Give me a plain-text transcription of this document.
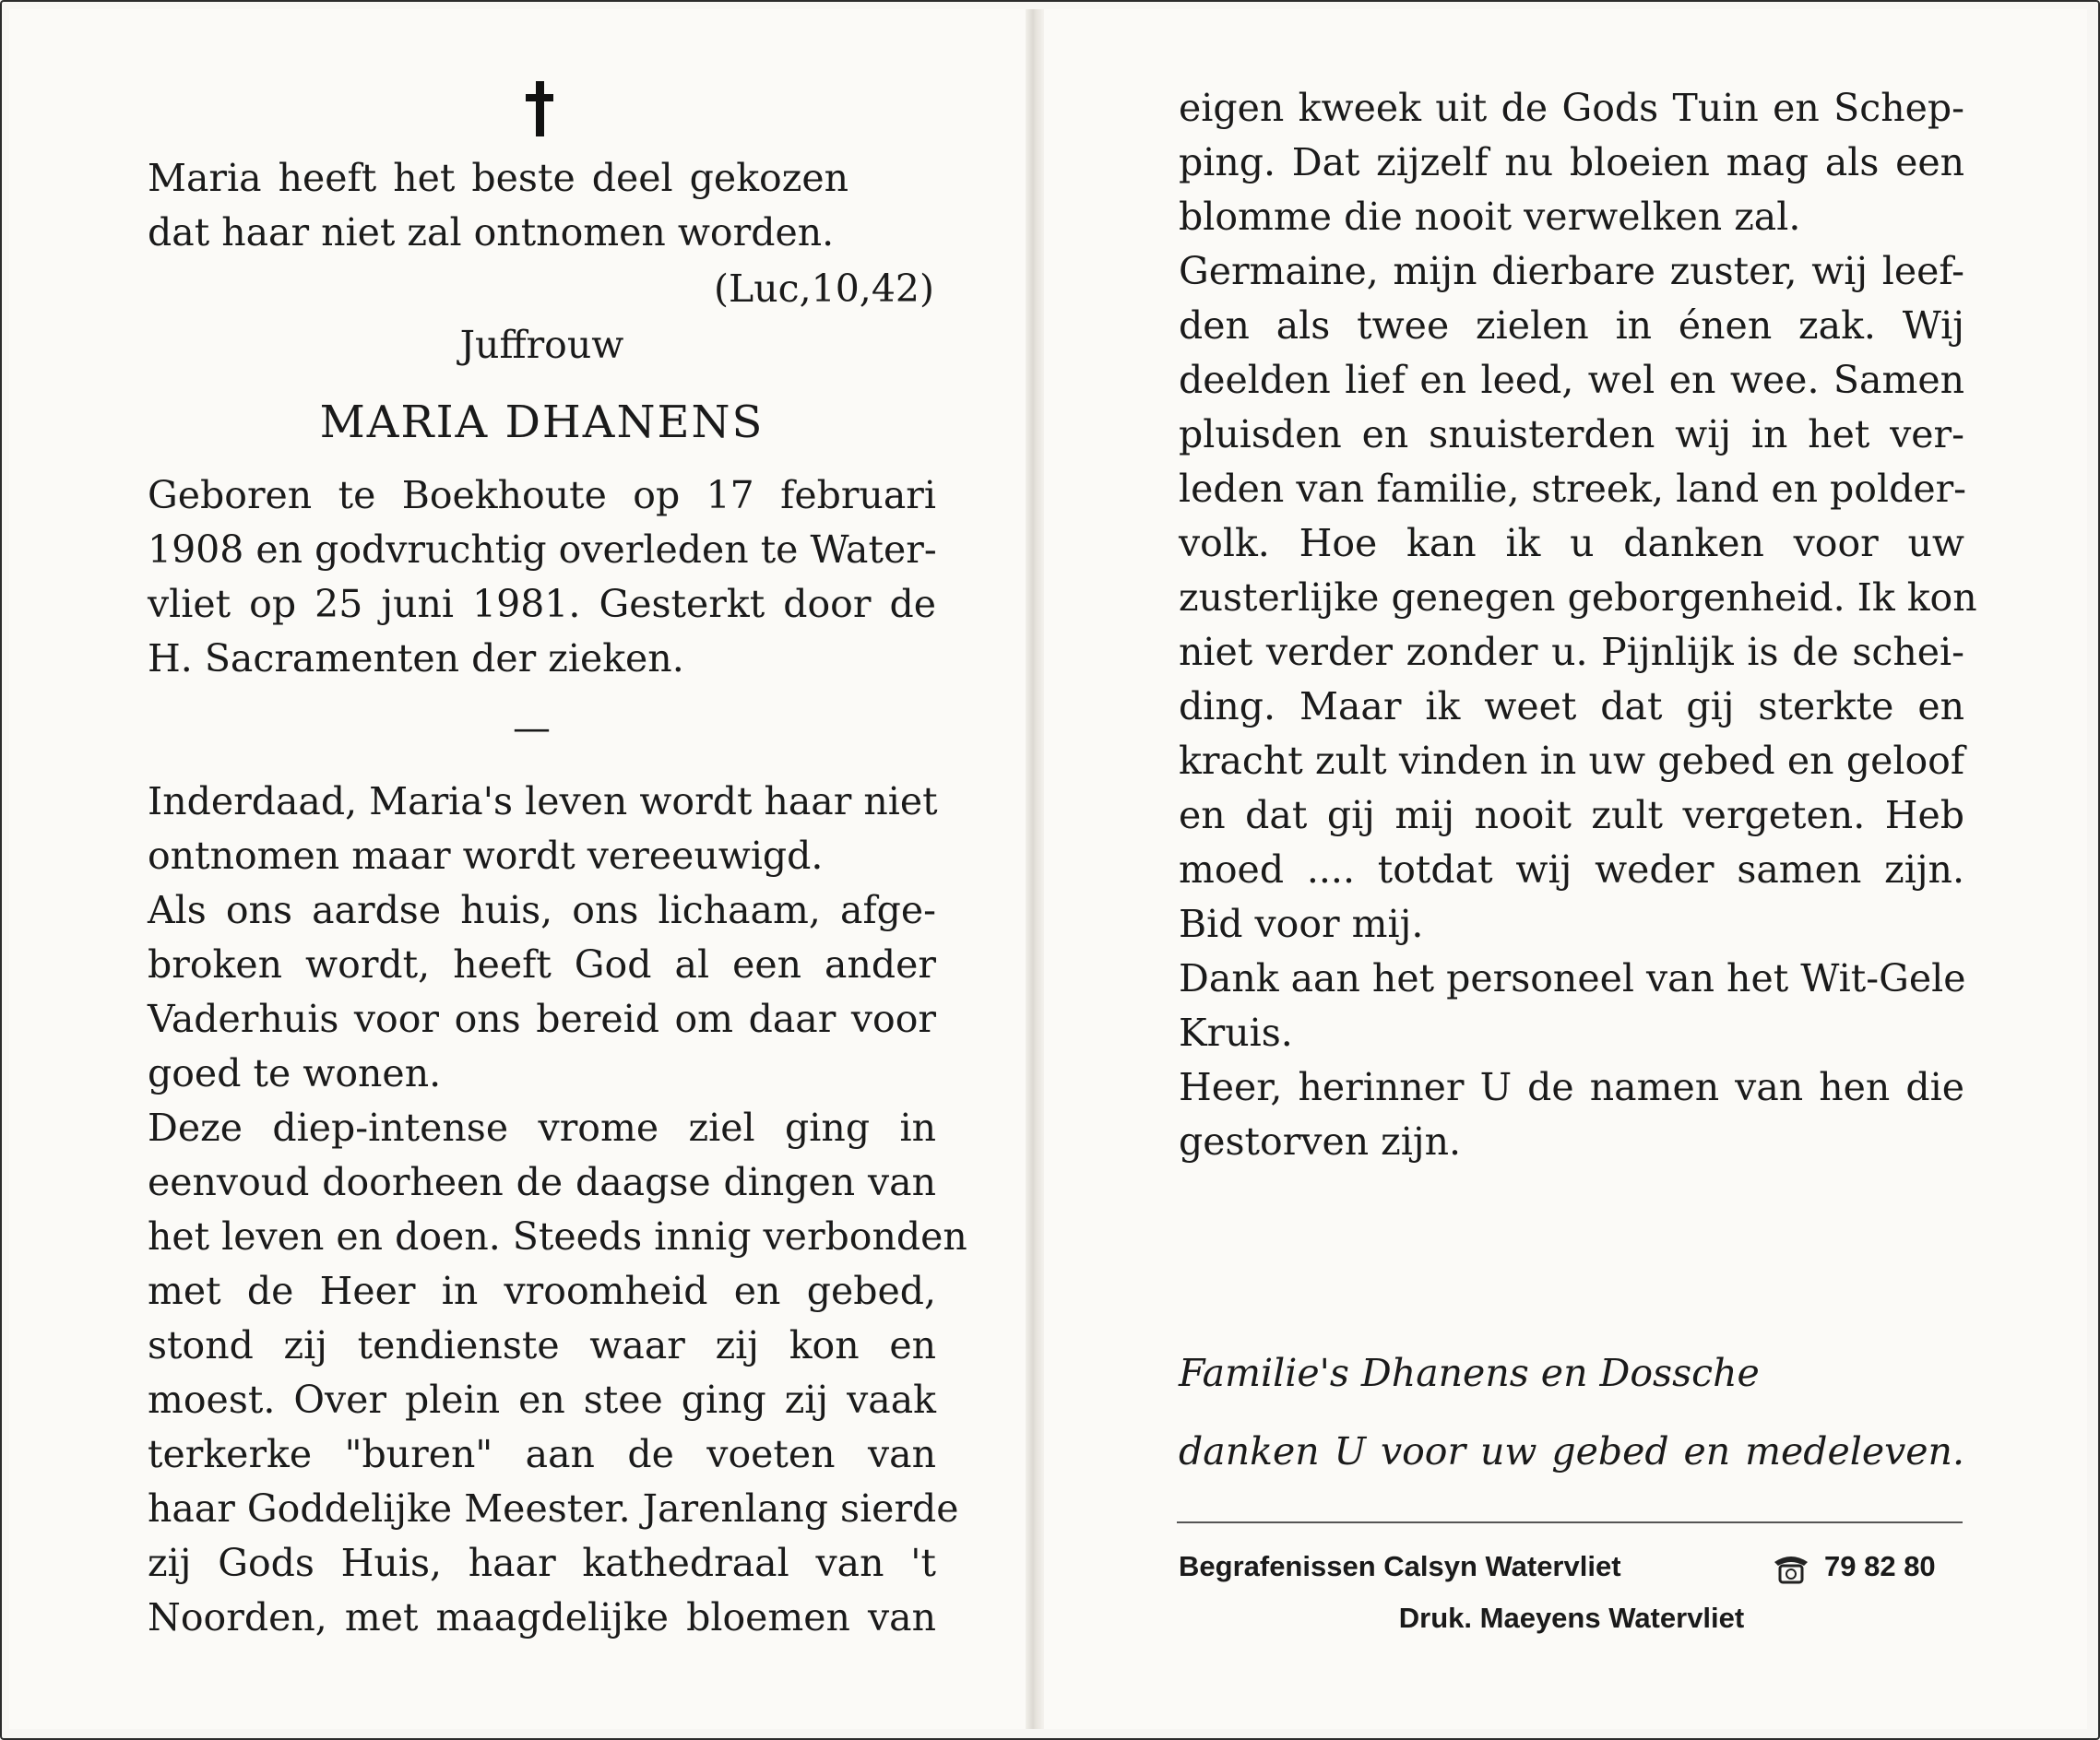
Maria heeft het beste deel gekozen
dat haar niet zal ontnomen worden.
(Luc,10,42)
Juffrouw
MARIA DHANENS
Geboren te Boekhoute op 17 februari
1908 en godvruchtig overleden te Water-
vliet op 25 juni 1981. Gesterkt door de
H. Sacramenten der zieken.
—
Inderdaad, Maria's leven wordt haar niet
ontnomen maar wordt vereeuwigd.
Als ons aardse huis, ons lichaam, afge-
broken wordt, heeft God al een ander
Vaderhuis voor ons bereid om daar voor
goed te wonen.
Deze diep-intense vrome ziel ging in
eenvoud doorheen de daagse dingen van
het leven en doen. Steeds innig verbonden
met de Heer in vroomheid en gebed,
stond zij tendienste waar zij kon en
moest. Over plein en stee ging zij vaak
terkerke "buren" aan de voeten van
haar Goddelijke Meester. Jarenlang sierde
zij Gods Huis, haar kathedraal van 't
Noorden, met maagdelijke bloemen van
eigen kweek uit de Gods Tuin en Schep-
ping. Dat zijzelf nu bloeien mag als een
blomme die nooit verwelken zal.
Germaine, mijn dierbare zuster, wij leef-
den als twee zielen in énen zak. Wij
deelden lief en leed, wel en wee. Samen
pluisden en snuisterden wij in het ver-
leden van familie, streek, land en polder-
volk. Hoe kan ik u danken voor uw
zusterlijke genegen geborgenheid. Ik kon
niet verder zonder u. Pijnlijk is de schei-
ding. Maar ik weet dat gij sterkte en
kracht zult vinden in uw gebed en geloof
en dat gij mij nooit zult vergeten. Heb
moed .... totdat wij weder samen zijn.
Bid voor mij.
Dank aan het personeel van het Wit-Gele
Kruis.
Heer, herinner U de namen van hen die
gestorven zijn.
Familie's Dhanens en Dossche
danken U voor uw gebed en medeleven.
Begrafenissen Calsyn Watervliet	79 82 80
Druk. Maeyens Watervliet
